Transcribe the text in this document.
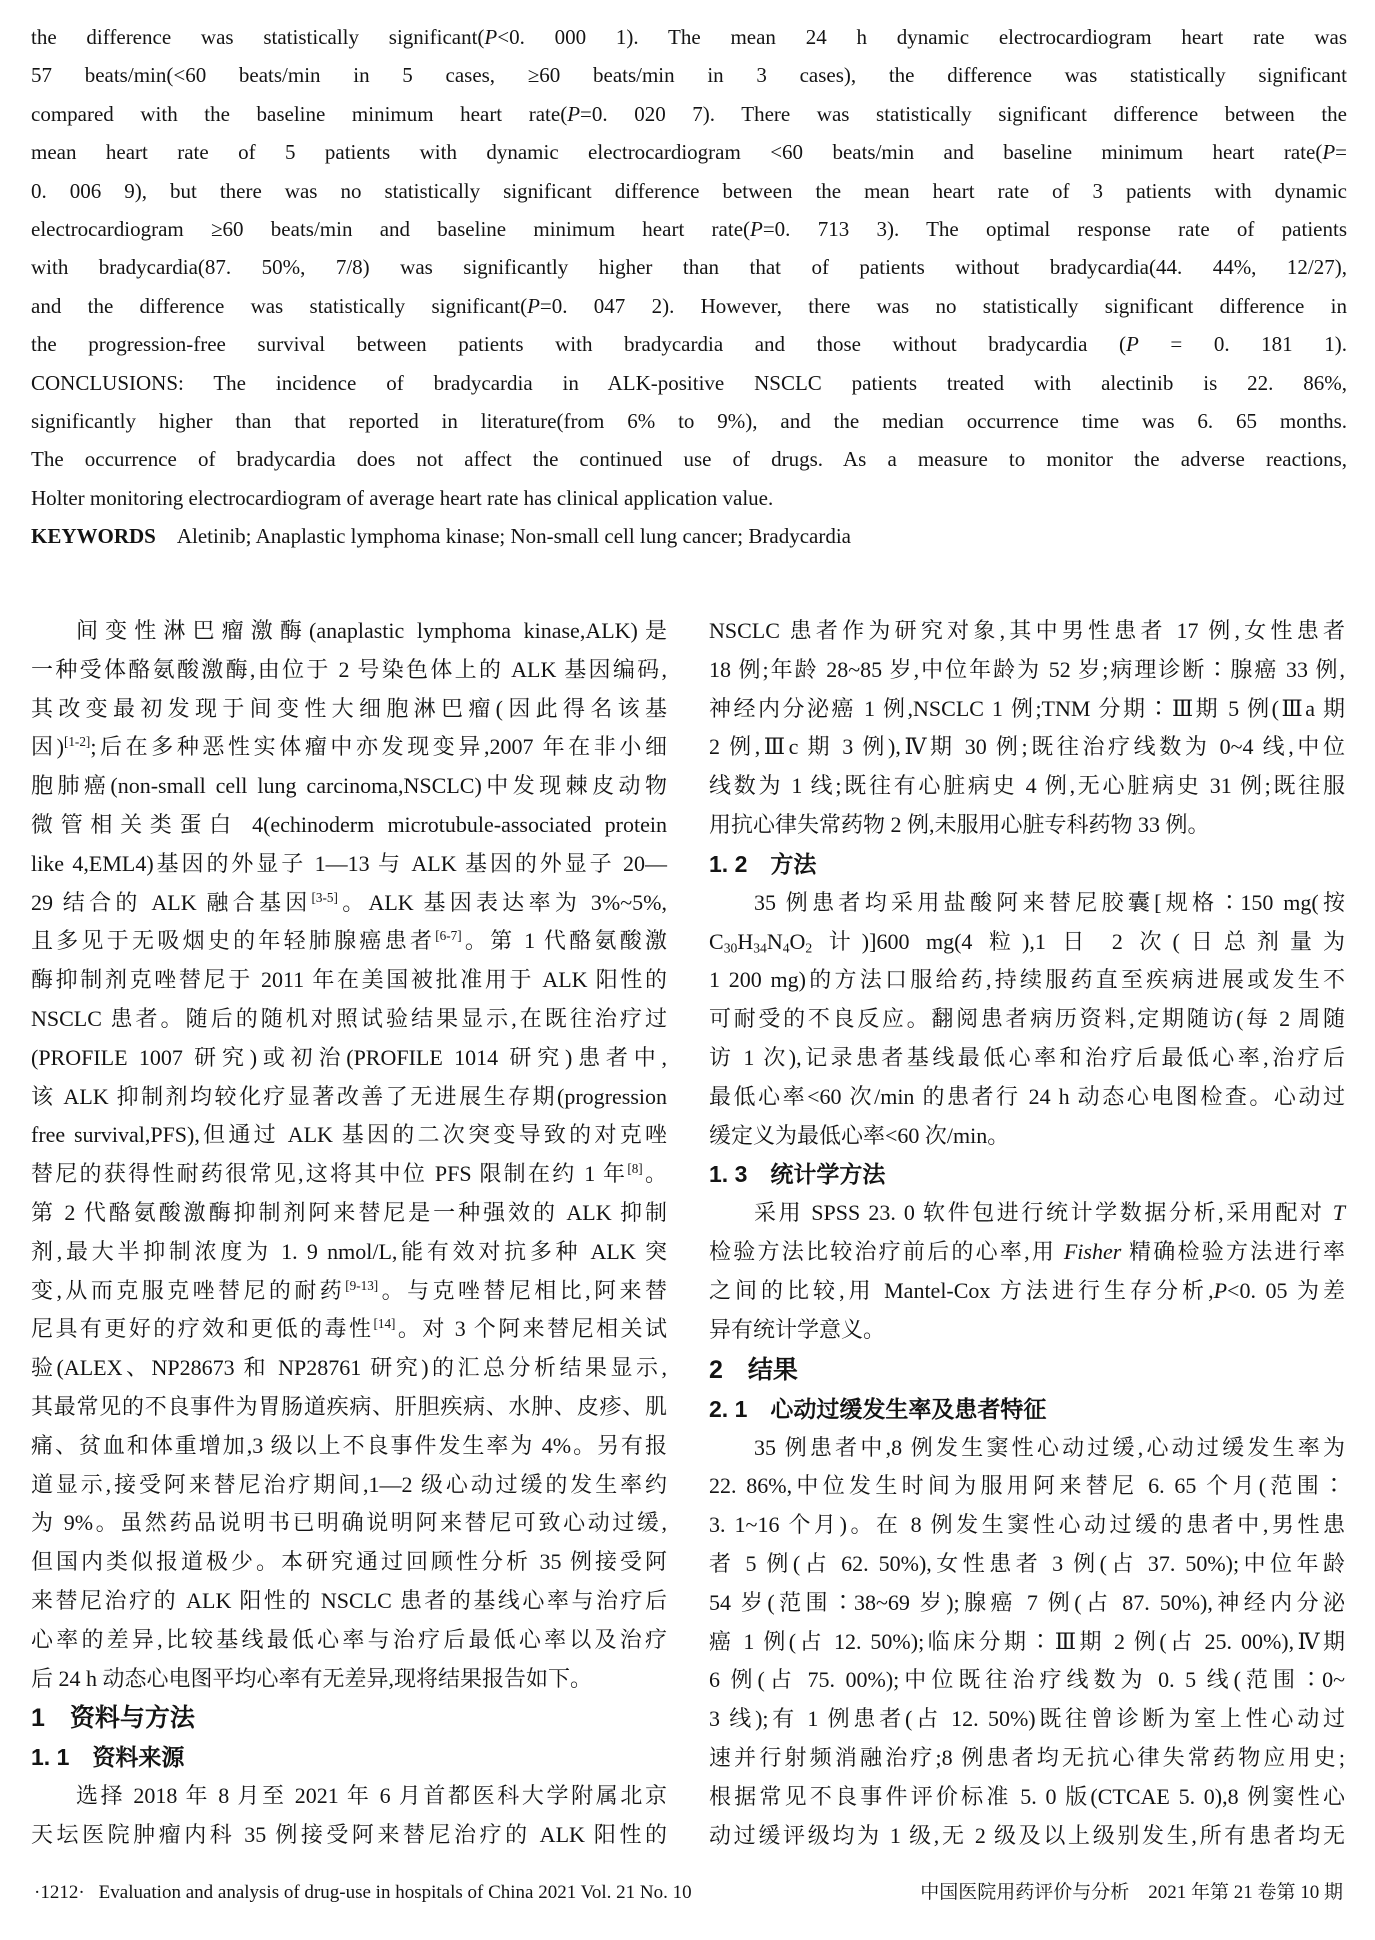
the difference was statistically significant(P<0. 000 1). The mean 24 h dynamic electrocardiogram heart rate was
57 beats/min(<60 beats/min in 5 cases, ≥60 beats/min in 3 cases), the difference was statistically significant
compared with the baseline minimum heart rate(P=0. 020 7). There was statistically significant difference between the
mean heart rate of 5 patients with dynamic electrocardiogram <60 beats/min and baseline minimum heart rate(P=
0. 006 9), but there was no statistically significant difference between the mean heart rate of 3 patients with dynamic
electrocardiogram ≥60 beats/min and baseline minimum heart rate(P=0. 713 3). The optimal response rate of patients
with bradycardia(87. 50%, 7/8) was significantly higher than that of patients without bradycardia(44. 44%, 12/27),
and the difference was statistically significant(P=0. 047 2). However, there was no statistically significant difference in
the progression-free survival between patients with bradycardia and those without bradycardia (P = 0. 181 1).
CONCLUSIONS: The incidence of bradycardia in ALK-positive NSCLC patients treated with alectinib is 22. 86%,
significantly higher than that reported in literature(from 6% to 9%), and the median occurrence time was 6. 65 months.
The occurrence of bradycardia does not affect the continued use of drugs. As a measure to monitor the adverse reactions,
Holter monitoring electrocardiogram of average heart rate has clinical application value.
KEYWORDS　Aletinib; Anaplastic lymphoma kinase; Non-small cell lung cancer; Bradycardia
间变性淋巴瘤激酶(anaplastic lymphoma kinase,ALK)是
一种受体酪氨酸激酶,由位于 2 号染色体上的 ALK 基因编码,
其改变最初发现于间变性大细胞淋巴瘤(因此得名该基
因)[1-2];后在多种恶性实体瘤中亦发现变异,2007 年在非小细
胞肺癌(non-small cell lung carcinoma,NSCLC)中发现棘皮动物
微管相关类蛋白 4(echinoderm microtubule-associated protein
like 4,EML4)基因的外显子 1—13 与 ALK 基因的外显子 20—
29 结合的 ALK 融合基因[3-5]。ALK 基因表达率为 3%~5%,
且多见于无吸烟史的年轻肺腺癌患者[6-7]。第 1 代酪氨酸激
酶抑制剂克唑替尼于 2011 年在美国被批准用于 ALK 阳性的
NSCLC 患者。随后的随机对照试验结果显示,在既往治疗过
(PROFILE 1007 研究)或初治(PROFILE 1014 研究)患者中,
该 ALK 抑制剂均较化疗显著改善了无进展生存期(progression
free survival,PFS),但通过 ALK 基因的二次突变导致的对克唑
替尼的获得性耐药很常见,这将其中位 PFS 限制在约 1 年[8]。
第 2 代酪氨酸激酶抑制剂阿来替尼是一种强效的 ALK 抑制
剂,最大半抑制浓度为 1. 9 nmol/L,能有效对抗多种 ALK 突
变,从而克服克唑替尼的耐药[9-13]。与克唑替尼相比,阿来替
尼具有更好的疗效和更低的毒性[14]。对 3 个阿来替尼相关试
验(ALEX、NP28673 和 NP28761 研究)的汇总分析结果显示,
其最常见的不良事件为胃肠道疾病、肝胆疾病、水肿、皮疹、肌
痛、贫血和体重增加,3 级以上不良事件发生率为 4%。另有报
道显示,接受阿来替尼治疗期间,1—2 级心动过缓的发生率约
为 9%。虽然药品说明书已明确说明阿来替尼可致心动过缓,
但国内类似报道极少。本研究通过回顾性分析 35 例接受阿
来替尼治疗的 ALK 阳性的 NSCLC 患者的基线心率与治疗后
心率的差异,比较基线最低心率与治疗后最低心率以及治疗
后 24 h 动态心电图平均心率有无差异,现将结果报告如下。
1　资料与方法
1. 1　资料来源
选择 2018 年 8 月至 2021 年 6 月首都医科大学附属北京
天坛医院肿瘤内科 35 例接受阿来替尼治疗的 ALK 阳性的
NSCLC 患者作为研究对象,其中男性患者 17 例,女性患者
18 例;年龄 28~85 岁,中位年龄为 52 岁;病理诊断∶腺癌 33 例,
神经内分泌癌 1 例,NSCLC 1 例;TNM 分期∶Ⅲ期 5 例(Ⅲa 期
2 例,Ⅲc 期 3 例),Ⅳ期 30 例;既往治疗线数为 0~4 线,中位
线数为 1 线;既往有心脏病史 4 例,无心脏病史 31 例;既往服
用抗心律失常药物 2 例,未服用心脏专科药物 33 例。
1. 2　方法
35 例患者均采用盐酸阿来替尼胶囊[规格∶150 mg(按
$C_{30}H_{34}N_4O_2$ 计)]600 mg(4 粒),1 日 2 次(日总剂量为
1 200 mg)的方法口服给药,持续服药直至疾病进展或发生不
可耐受的不良反应。翻阅患者病历资料,定期随访(每 2 周随
访 1 次),记录患者基线最低心率和治疗后最低心率,治疗后
最低心率<60 次/min 的患者行 24 h 动态心电图检查。心动过
缓定义为最低心率<60 次/min。
1. 3　统计学方法
采用 SPSS 23. 0 软件包进行统计学数据分析,采用配对 T
检验方法比较治疗前后的心率,用 Fisher 精确检验方法进行率
之间的比较,用 Mantel-Cox 方法进行生存分析,P<0. 05 为差
异有统计学意义。
2　结果
2. 1　心动过缓发生率及患者特征
35 例患者中,8 例发生窦性心动过缓,心动过缓发生率为
22. 86%,中位发生时间为服用阿来替尼 6. 65 个月(范围∶
3. 1~16 个月)。在 8 例发生窦性心动过缓的患者中,男性患
者 5 例(占 62. 50%),女性患者 3 例(占 37. 50%);中位年龄
54 岁(范围∶38~69 岁);腺癌 7 例(占 87. 50%),神经内分泌
癌 1 例(占 12. 50%);临床分期∶Ⅲ期 2 例(占 25. 00%),Ⅳ期
6 例(占 75. 00%);中位既往治疗线数为 0. 5 线(范围∶0~
3 线);有 1 例患者(占 12. 50%)既往曾诊断为室上性心动过
速并行射频消融治疗;8 例患者均无抗心律失常药物应用史;
根据常见不良事件评价标准 5. 0 版(CTCAE 5. 0),8 例窦性心
动过缓评级均为 1 级,无 2 级及以上级别发生,所有患者均无
·1212· Evaluation and analysis of drug-use in hospitals of China 2021 Vol. 21 No. 10	中国医院用药评价与分析　2021 年第 21 卷第 10 期
